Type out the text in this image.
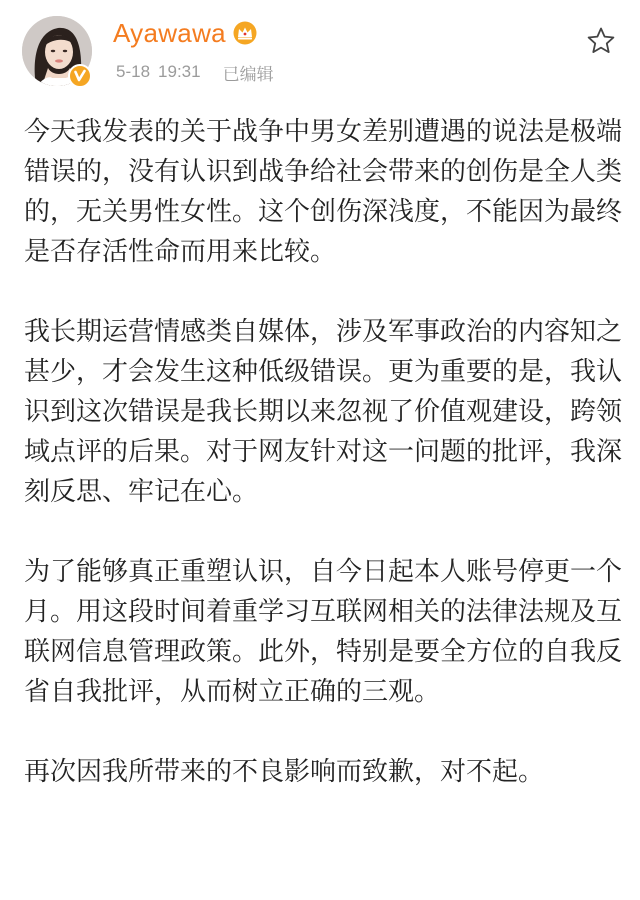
Ayawawa
5-18 19:31 已编辑

今天我发表的关于战争中男女差别遭遇的说法是极端错误的，没有认识到战争给社会带来的创伤是全人类的，无关男性女性。这个创伤深浅度，不能因为最终是否存活性命而用来比较。

我长期运营情感类自媒体，涉及军事政治的内容知之甚少，才会发生这种低级错误。更为重要的是，我认识到这次错误是我长期以来忽视了价值观建设，跨领域点评的后果。对于网友针对这一问题的批评，我深刻反思、牢记在心。

为了能够真正重塑认识，自今日起本人账号停更一个月。用这段时间着重学习互联网相关的法律法规及互联网信息管理政策。此外，特别是要全方位的自我反省自我批评，从而树立正确的三观。

再次因我所带来的不良影响而致歉，对不起。
